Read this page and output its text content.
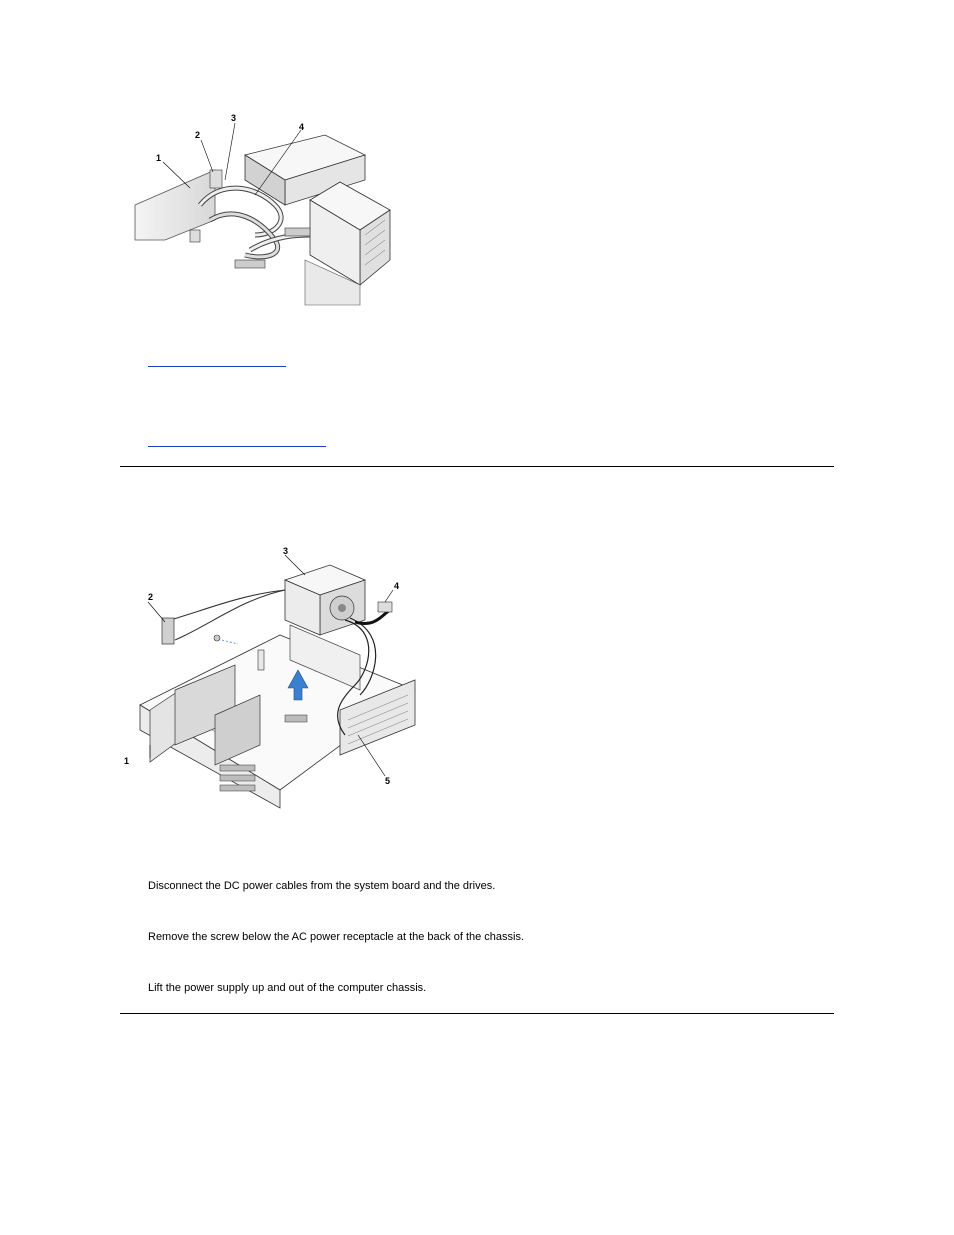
1
2
3
4
1
2
3
4
5
Disconnect the DC power cables from the system board and the drives.
Remove the screw below the AC power receptacle at the back of the chassis.
Lift the power supply up and out of the computer chassis.
